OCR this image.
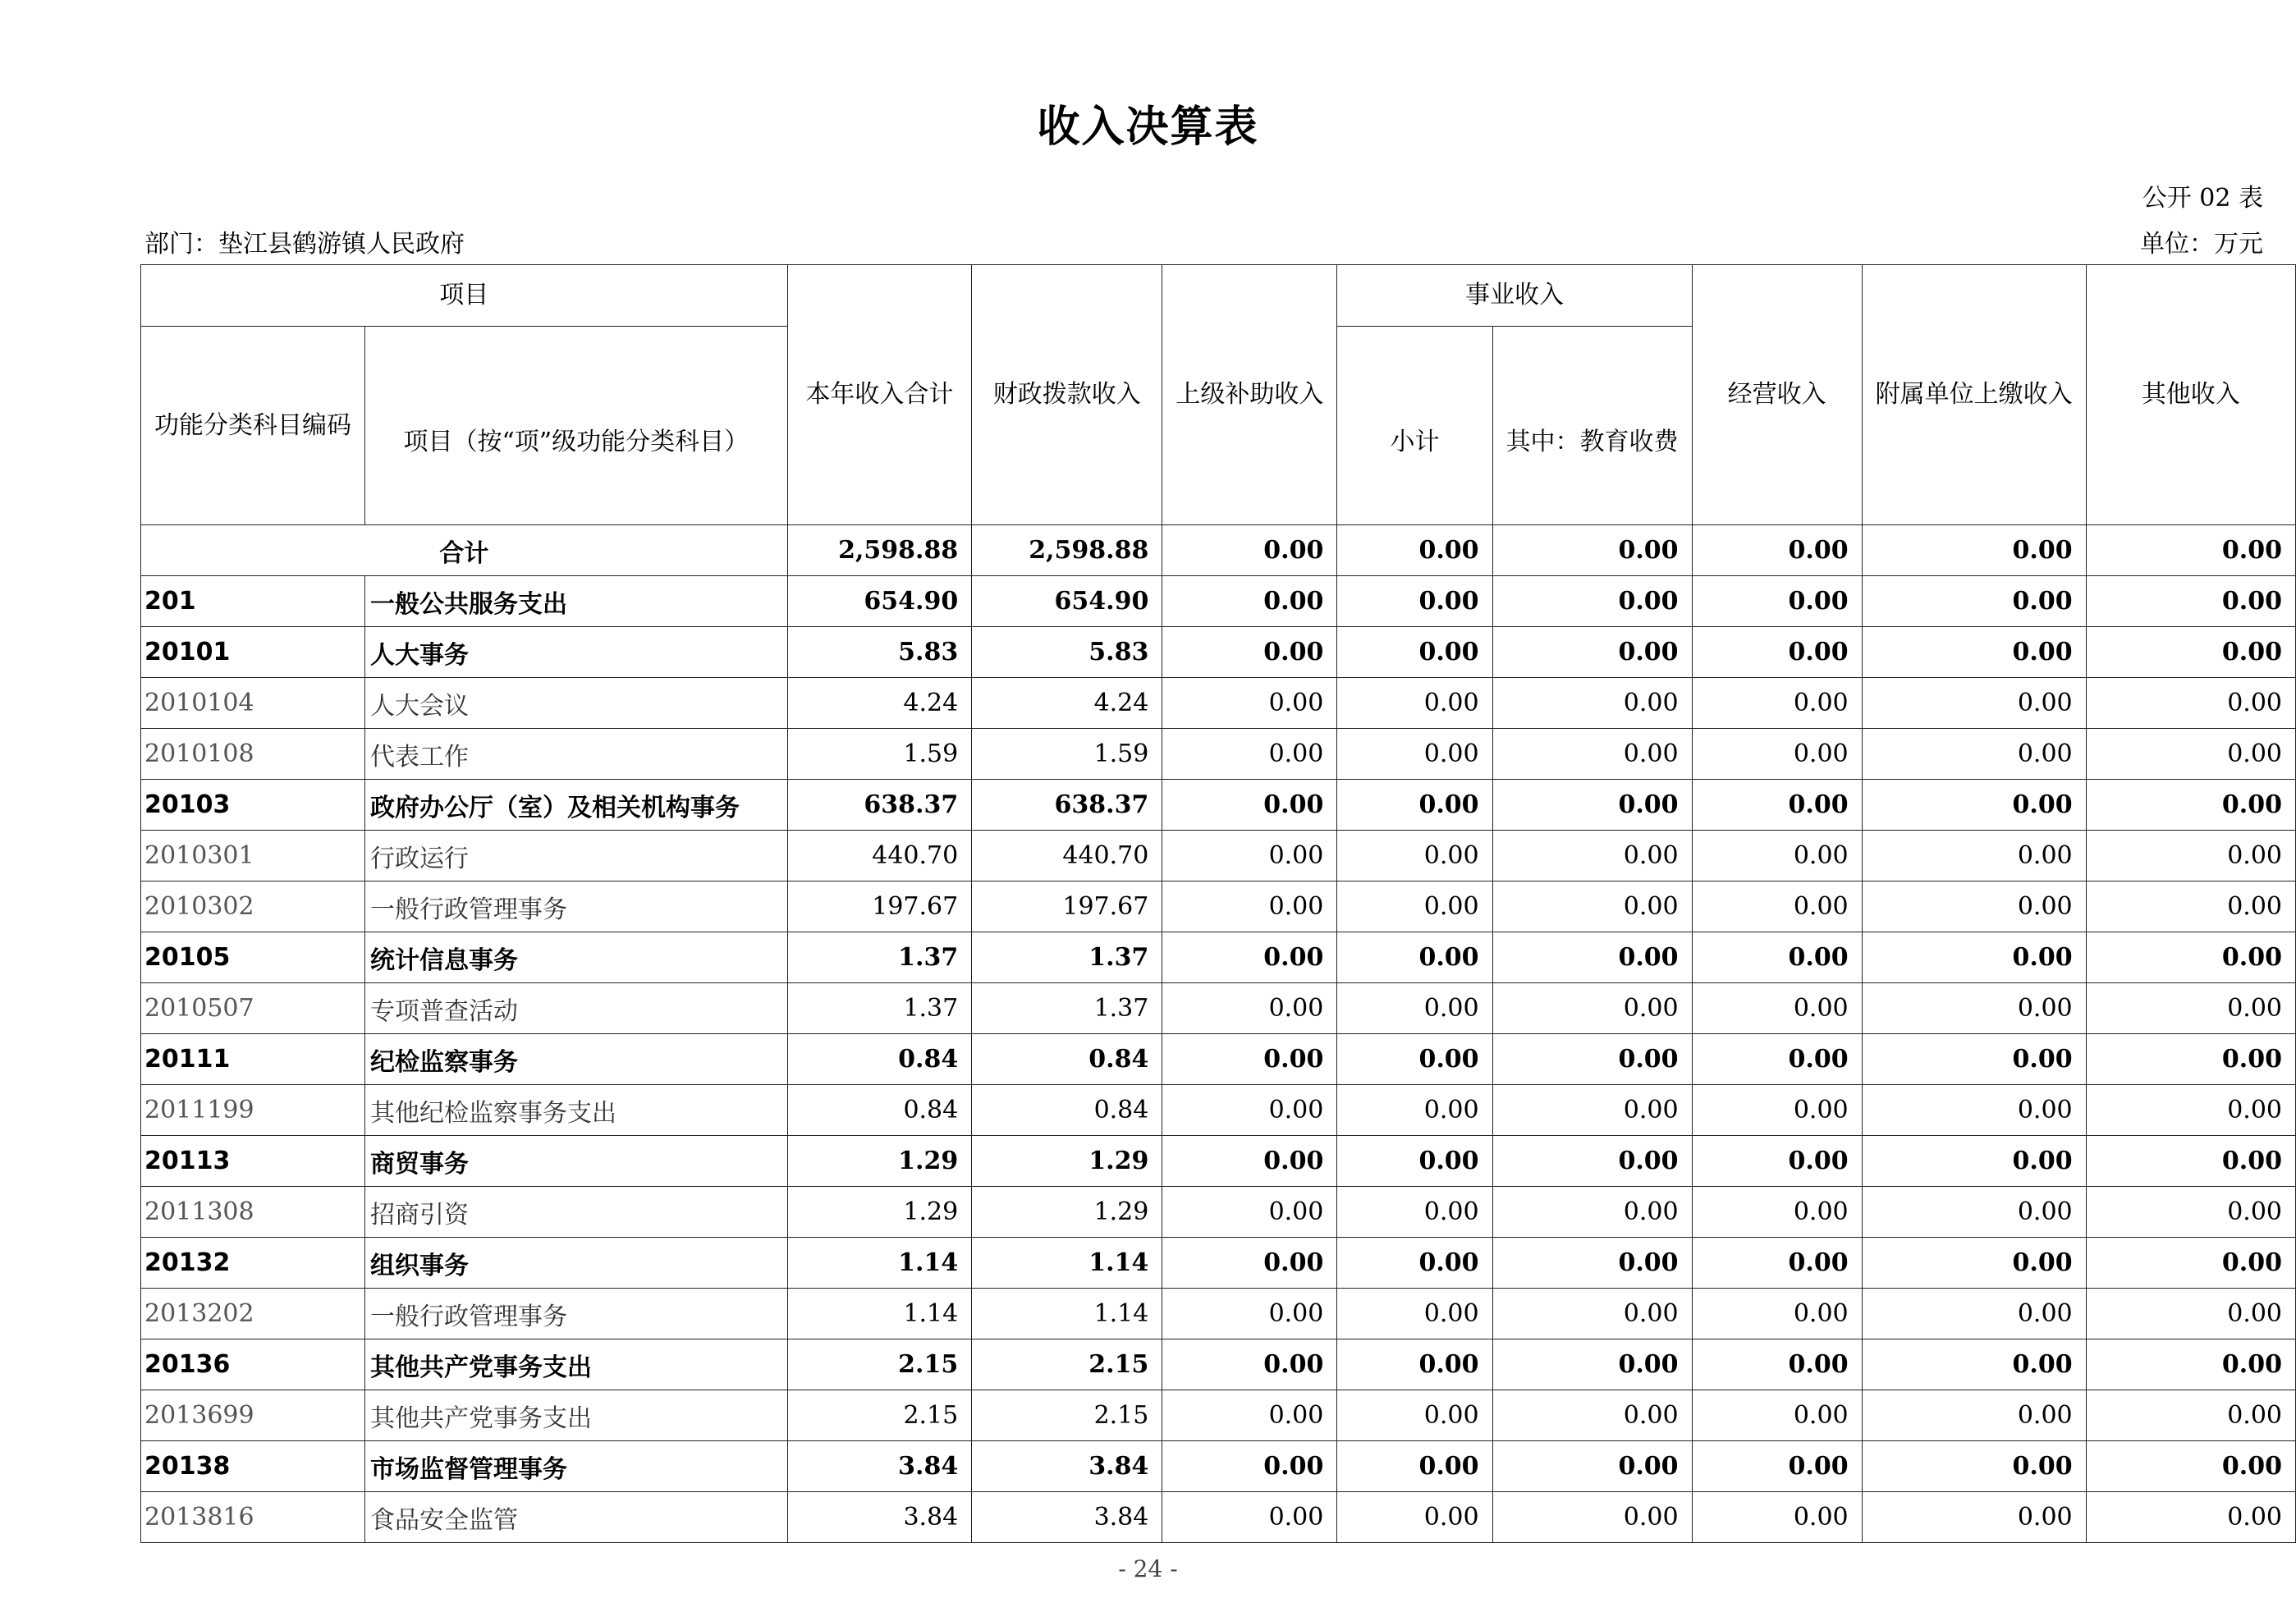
收入决算表
公开 02 表
部门：垫江县鹤游镇人民政府	单位：万元
项目		本年收入合计	财政拨款收入	上级补助收入	事业收入		经营收入	附属单位上缴收入	其他收入
功能分类科目编码	项目（按“项”级功能分类科目）				小计	其中：教育收费			
合计		2,598.88	2,598.88	0.00	0.00	0.00	0.00	0.00	0.00
201	一般公共服务支出	654.90	654.90	0.00	0.00	0.00	0.00	0.00	0.00
20101	人大事务	5.83	5.83	0.00	0.00	0.00	0.00	0.00	0.00
2010104	人大会议	4.24	4.24	0.00	0.00	0.00	0.00	0.00	0.00
2010108	代表工作	1.59	1.59	0.00	0.00	0.00	0.00	0.00	0.00
20103	政府办公厅（室）及相关机构事务	638.37	638.37	0.00	0.00	0.00	0.00	0.00	0.00
2010301	行政运行	440.70	440.70	0.00	0.00	0.00	0.00	0.00	0.00
2010302	一般行政管理事务	197.67	197.67	0.00	0.00	0.00	0.00	0.00	0.00
20105	统计信息事务	1.37	1.37	0.00	0.00	0.00	0.00	0.00	0.00
2010507	专项普查活动	1.37	1.37	0.00	0.00	0.00	0.00	0.00	0.00
20111	纪检监察事务	0.84	0.84	0.00	0.00	0.00	0.00	0.00	0.00
2011199	其他纪检监察事务支出	0.84	0.84	0.00	0.00	0.00	0.00	0.00	0.00
20113	商贸事务	1.29	1.29	0.00	0.00	0.00	0.00	0.00	0.00
2011308	招商引资	1.29	1.29	0.00	0.00	0.00	0.00	0.00	0.00
20132	组织事务	1.14	1.14	0.00	0.00	0.00	0.00	0.00	0.00
2013202	一般行政管理事务	1.14	1.14	0.00	0.00	0.00	0.00	0.00	0.00
20136	其他共产党事务支出	2.15	2.15	0.00	0.00	0.00	0.00	0.00	0.00
2013699	其他共产党事务支出	2.15	2.15	0.00	0.00	0.00	0.00	0.00	0.00
20138	市场监督管理事务	3.84	3.84	0.00	0.00	0.00	0.00	0.00	0.00
2013816	食品安全监管	3.84	3.84	0.00	0.00	0.00	0.00	0.00	0.00
- 24 -
